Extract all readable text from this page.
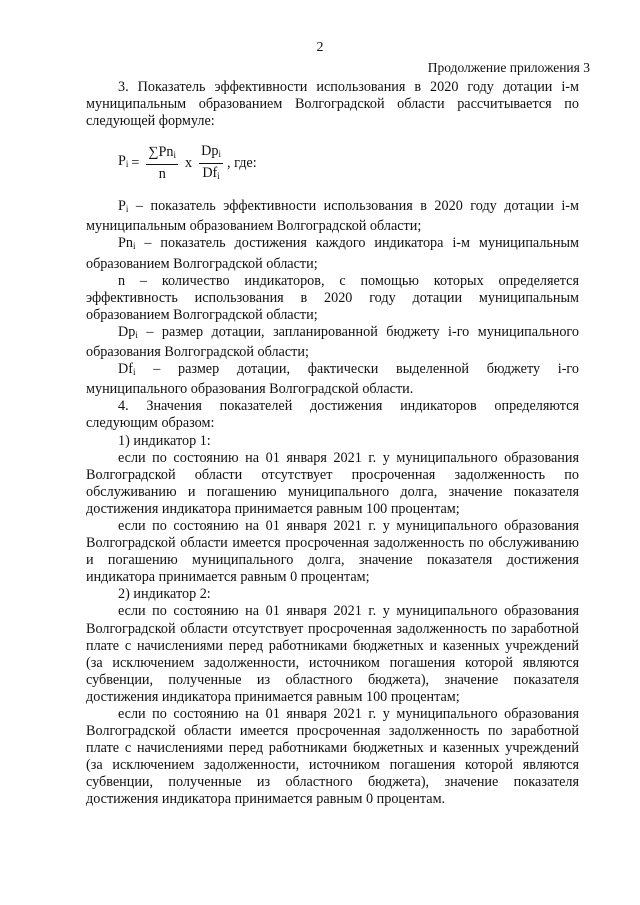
2
Продолжение приложения 3

3. Показатель эффективности использования в 2020 году дотации i-м муниципальным образованием Волгоградской области рассчитывается по следующей формуле:

$P_i = \frac{\sum Pn_i}{n}$ x $\frac{Dp_i}{Df_i}$ , где:

$P_i$ – показатель эффективности использования в 2020 году дотации i-м муниципальным образованием Волгоградской области;

$Pn_i$ – показатель достижения каждого индикатора i-м муниципальным образованием Волгоградской области;

n – количество индикаторов, с помощью которых определяется эффективность использования в 2020 году дотации муниципальным образованием Волгоградской области;

$Dp_i$ – размер дотации, запланированной бюджету i-го муниципального образования Волгоградской области;

$Df_i$ – размер дотации, фактически выделенной бюджету i-го муниципального образования Волгоградской области.

4. Значения показателей достижения индикаторов определяются следующим образом:

1) индикатор 1:

если по состоянию на 01 января 2021 г. у муниципального образования Волгоградской области отсутствует просроченная задолженность по обслуживанию и погашению муниципального долга, значение показателя достижения индикатора принимается равным 100 процентам;

если по состоянию на 01 января 2021 г. у муниципального образования Волгоградской области имеется просроченная задолженность по обслуживанию и погашению муниципального долга, значение показателя достижения индикатора принимается равным 0 процентам;

2) индикатор 2:

если по состоянию на 01 января 2021 г. у муниципального образования Волгоградской области отсутствует просроченная задолженность по заработной плате с начислениями перед работниками бюджетных и казенных учреждений (за исключением задолженности, источником погашения которой являются субвенции, полученные из областного бюджета), значение показателя достижения индикатора принимается равным 100 процентам;

если по состоянию на 01 января 2021 г. у муниципального образования Волгоградской области имеется просроченная задолженность по заработной плате с начислениями перед работниками бюджетных и казенных учреждений (за исключением задолженности, источником погашения которой являются субвенции, полученные из областного бюджета), значение показателя достижения индикатора принимается равным 0 процентам.
